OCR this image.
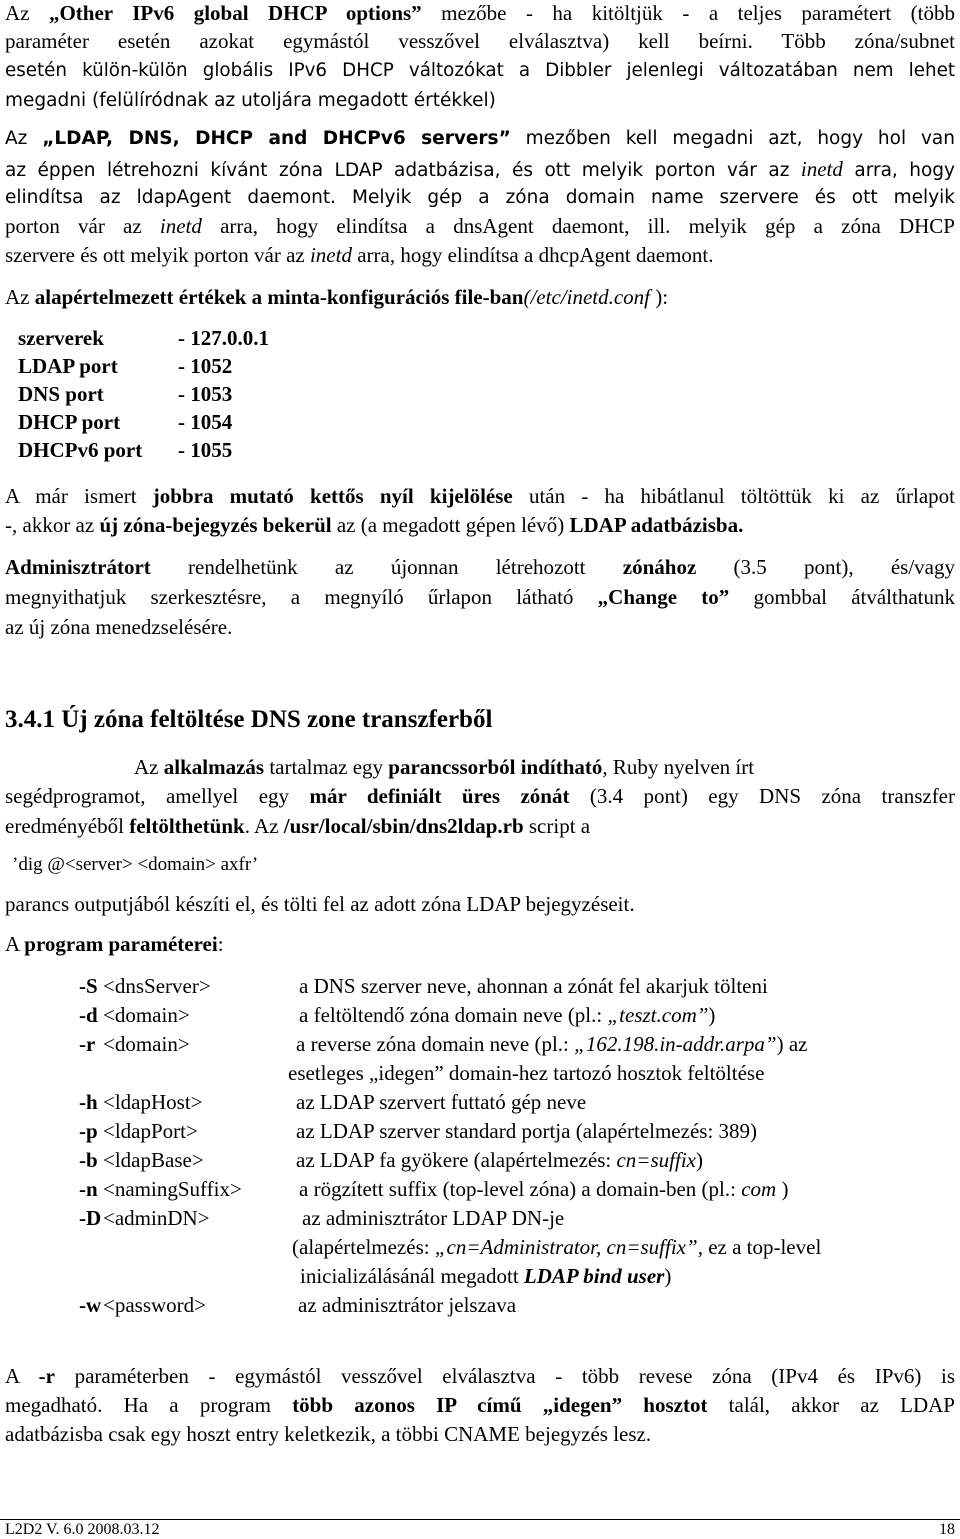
Az „Other IPv6 global DHCP options” mezőbe - ha kitöltjük - a teljes paramétert (több
paraméter esetén azokat egymástól vesszővel elválasztva) kell beírni. Több zóna/subnet
esetén külön-külön globális IPv6 DHCP változókat a Dibbler jelenlegi változatában nem lehet
megadni (felülíródnak az utoljára megadott értékkel)
Az „LDAP, DNS, DHCP and DHCPv6 servers” mezőben kell megadni azt, hogy hol van
az éppen létrehozni kívánt zóna LDAP adatbázisa, és ott melyik porton vár az inetd arra, hogy
elindítsa az ldapAgent daemont. Melyik gép a zóna domain name szervere és ott melyik
porton vár az inetd arra, hogy elindítsa a dnsAgent daemont, ill. melyik gép a zóna DHCP
szervere és ott melyik porton vár az inetd arra, hogy elindítsa a dhcpAgent daemont.
Az alapértelmezett értékek a minta-konfigurációs file-ban(/etc/inetd.conf ):
szerverek	- 127.0.0.1
LDAP port	- 1052
DNS port	- 1053
DHCP port	- 1054
DHCPv6 port - 1055
A már ismert jobbra mutató kettős nyíl kijelölése után - ha hibátlanul töltöttük ki az űrlapot
-, akkor az új zóna-bejegyzés bekerül az (a megadott gépen lévő) LDAP adatbázisba.
Adminisztrátort rendelhetünk az újonnan létrehozott zónához (3.5 pont), és/vagy
megnyithatjuk szerkesztésre, a megnyíló űrlapon látható „Change to” gombbal átválthatunk
az új zóna menedzselésére.
3.4.1 Új zóna feltöltése DNS zone transzferből
Az alkalmazás tartalmaz egy parancssorból indítható, Ruby nyelven írt
segédprogramot, amellyel egy már definiált üres zónát (3.4 pont) egy DNS zóna transzfer
eredményéből feltölthetünk. Az /usr/local/sbin/dns2ldap.rb script a
’dig @<server> <domain> axfr’
parancs outputjából készíti el, és tölti fel az adott zóna LDAP bejegyzéseit.
A program paraméterei:
-S <dnsServer>	a DNS szerver neve, ahonnan a zónát fel akarjuk tölteni
-d <domain>	a feltöltendő zóna domain neve (pl.: „teszt.com”)
-r <domain>	a reverse zóna domain neve (pl.: „162.198.in-addr.arpa”) az
esetleges „idegen” domain-hez tartozó hosztok feltöltése
-h <ldapHost>	az LDAP szervert futtató gép neve
-p <ldapPort>	az LDAP szerver standard portja (alapértelmezés: 389)
-b <ldapBase>	az LDAP fa gyökere (alapértelmezés: cn=suffix)
-n <namingSuffix>	a rögzített suffix (top-level zóna) a domain-ben (pl.: com )
-D<adminDN>	az adminisztrátor LDAP DN-je
(alapértelmezés: „cn=Administrator, cn=suffix”, ez a top-level
inicializálásánál megadott LDAP bind user)
-w<password>	az adminisztrátor jelszava
A -r paraméterben - egymástól vesszővel elválasztva - több revese zóna (IPv4 és IPv6) is
megadható. Ha a program több azonos IP című „idegen” hosztot talál, akkor az LDAP
adatbázisba csak egy hoszt entry keletkezik, a többi CNAME bejegyzés lesz.
L2D2 V. 6.0 2008.03.12	18
